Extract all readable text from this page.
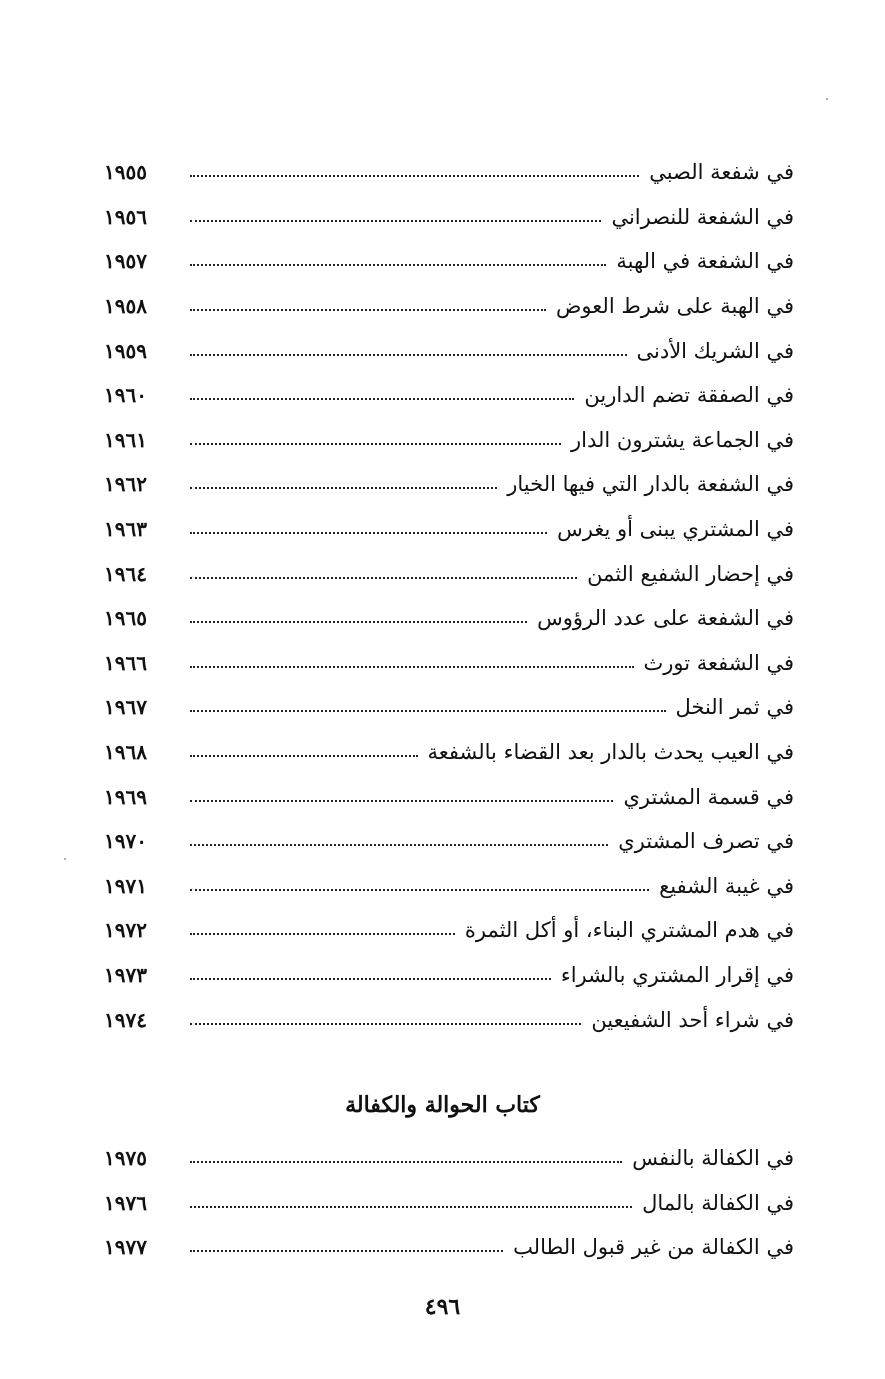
١٩٥٥	في شفعة الصبي
١٩٥٦	في الشفعة للنصراني
١٩٥٧	في الشفعة في الهبة
١٩٥٨	في الهبة على شرط العوض
١٩٥٩	في الشريك الأدنى
١٩٦٠	في الصفقة تضم الدارين
١٩٦١	في الجماعة يشترون الدار
١٩٦٢	في الشفعة بالدار التي فيها الخيار
١٩٦٣	في المشتري يبنى أو يغرس
١٩٦٤	في إحضار الشفيع الثمن
١٩٦٥	في الشفعة على عدد الرؤوس
١٩٦٦	في الشفعة تورث
١٩٦٧	في ثمر النخل
١٩٦٨	في العيب يحدث بالدار بعد القضاء بالشفعة
١٩٦٩	في قسمة المشتري
١٩٧٠	في تصرف المشتري
١٩٧١	في غيبة الشفيع
١٩٧٢	في هدم المشتري البناء، أو أكل الثمرة
١٩٧٣	في إقرار المشتري بالشراء
١٩٧٤	في شراء أحد الشفيعين
كتاب الحوالة والكفالة
١٩٧٥	في الكفالة بالنفس
١٩٧٦	في الكفالة بالمال
١٩٧٧	في الكفالة من غير قبول الطالب
٤٩٦
